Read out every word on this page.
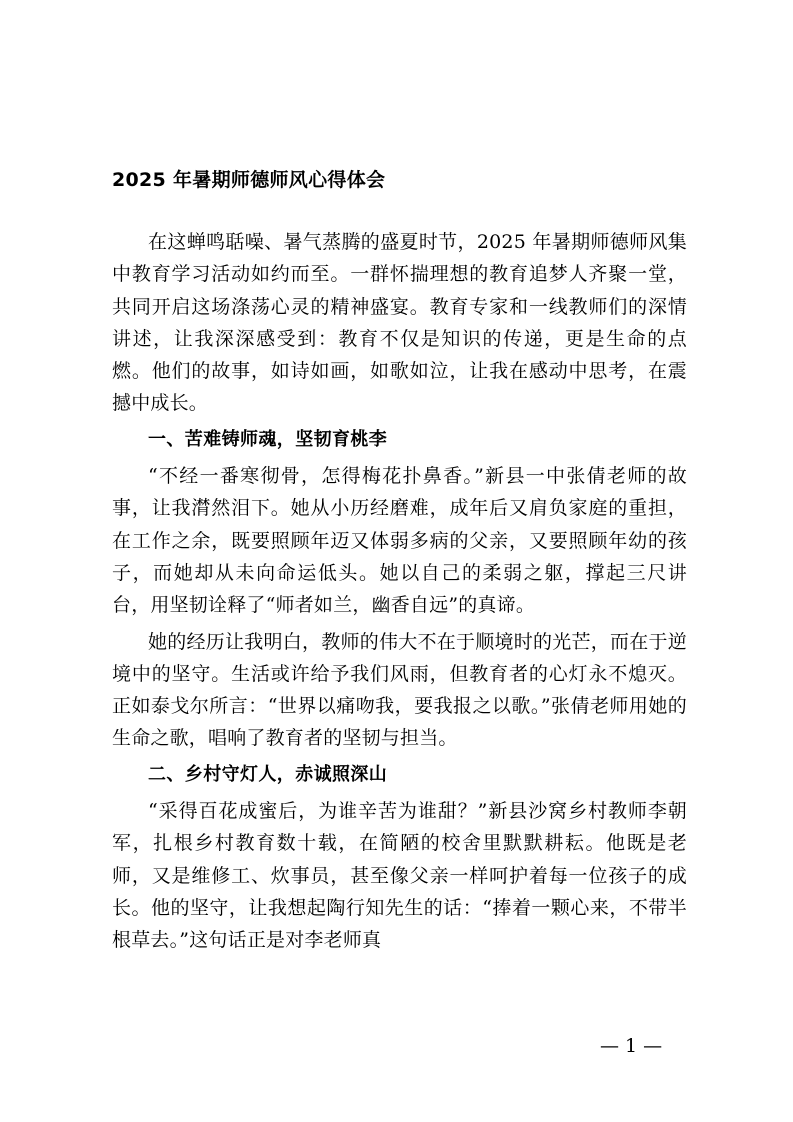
2025 年暑期师德师风心得体会

在这蝉鸣聒噪、暑气蒸腾的盛夏时节，2025 年暑期师德师风集中教育学习活动如约而至。一群怀揣理想的教育追梦人齐聚一堂，共同开启这场涤荡心灵的精神盛宴。教育专家和一线教师们的深情讲述，让我深深感受到：教育不仅是知识的传递，更是生命的点燃。他们的故事，如诗如画，如歌如泣，让我在感动中思考，在震撼中成长。

一、苦难铸师魂，坚韧育桃李

“不经一番寒彻骨，怎得梅花扑鼻香。”新县一中张倩老师的故事，让我潸然泪下。她从小历经磨难，成年后又肩负家庭的重担，在工作之余，既要照顾年迈又体弱多病的父亲，又要照顾年幼的孩子，而她却从未向命运低头。她以自己的柔弱之躯，撑起三尺讲台，用坚韧诠释了“师者如兰，幽香自远”的真谛。

她的经历让我明白，教师的伟大不在于顺境时的光芒，而在于逆境中的坚守。生活或许给予我们风雨，但教育者的心灯永不熄灭。正如泰戈尔所言：“世界以痛吻我，要我报之以歌。”张倩老师用她的生命之歌，唱响了教育者的坚韧与担当。

二、乡村守灯人，赤诚照深山

“采得百花成蜜后，为谁辛苦为谁甜？”新县沙窝乡村教师李朝军，扎根乡村教育数十载，在简陋的校舍里默默耕耘。他既是老师，又是维修工、炊事员，甚至像父亲一样呵护着每一位孩子的成长。他的坚守，让我想起陶行知先生的话：“捧着一颗心来，不带半根草去。”这句话正是对李老师真

— 1 —
